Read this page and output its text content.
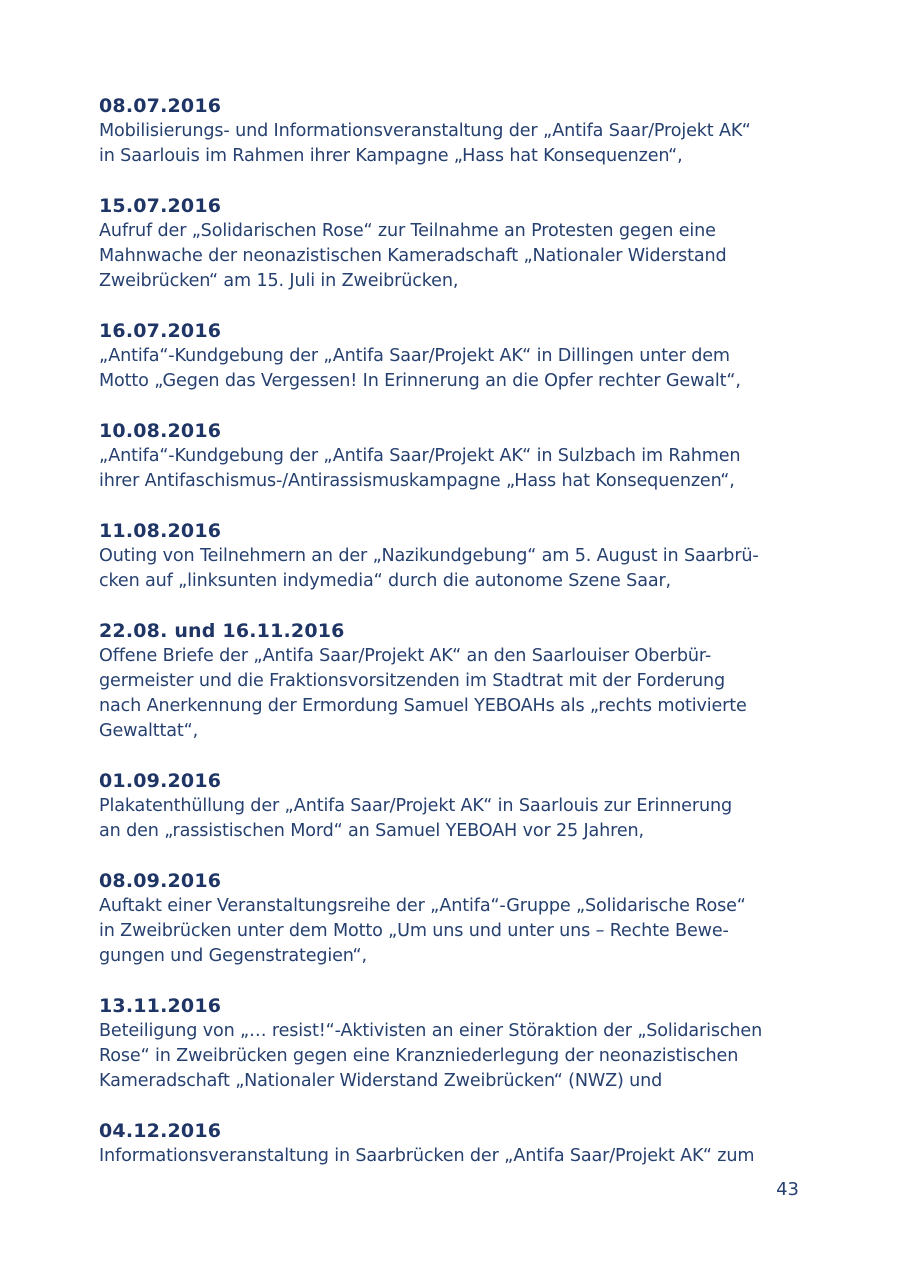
08.07.2016
Mobilisierungs- und Informationsveranstaltung der „Antifa Saar/Projekt AK“
in Saarlouis im Rahmen ihrer Kampagne „Hass hat Konsequenzen“,
15.07.2016
Aufruf der „Solidarischen Rose“ zur Teilnahme an Protesten gegen eine
Mahnwache der neonazistischen Kameradschaft „Nationaler Widerstand
Zweibrücken“ am 15. Juli in Zweibrücken,
16.07.2016
„Antifa“-Kundgebung der „Antifa Saar/Projekt AK“ in Dillingen unter dem
Motto „Gegen das Vergessen! In Erinnerung an die Opfer rechter Gewalt“,
10.08.2016
„Antifa“-Kundgebung der „Antifa Saar/Projekt AK“ in Sulzbach im Rahmen
ihrer Antifaschismus-/Antirassismuskampagne „Hass hat Konsequenzen“,
11.08.2016
Outing von Teilnehmern an der „Nazikundgebung“ am 5. August in Saarbrü-
cken auf „linksunten indymedia“ durch die autonome Szene Saar,
22.08. und 16.11.2016
Offene Briefe der „Antifa Saar/Projekt AK“ an den Saarlouiser Oberbür-
germeister und die Fraktionsvorsitzenden im Stadtrat mit der Forderung
nach Anerkennung der Ermordung Samuel YEBOAHs als „rechts motivierte
Gewalttat“,
01.09.2016
Plakatenthüllung der „Antifa Saar/Projekt AK“ in Saarlouis zur Erinnerung
an den „rassistischen Mord“ an Samuel YEBOAH vor 25 Jahren,
08.09.2016
Auftakt einer Veranstaltungsreihe der „Antifa“-Gruppe „Solidarische Rose“
in Zweibrücken unter dem Motto „Um uns und unter uns – Rechte Bewe-
gungen und Gegenstrategien“,
13.11.2016
Beteiligung von „… resist!“-Aktivisten an einer Störaktion der „Solidarischen
Rose“ in Zweibrücken gegen eine Kranzniederlegung der neonazistischen
Kameradschaft „Nationaler Widerstand Zweibrücken“ (NWZ) und
04.12.2016
Informationsveranstaltung in Saarbrücken der „Antifa Saar/Projekt AK“ zum
43
